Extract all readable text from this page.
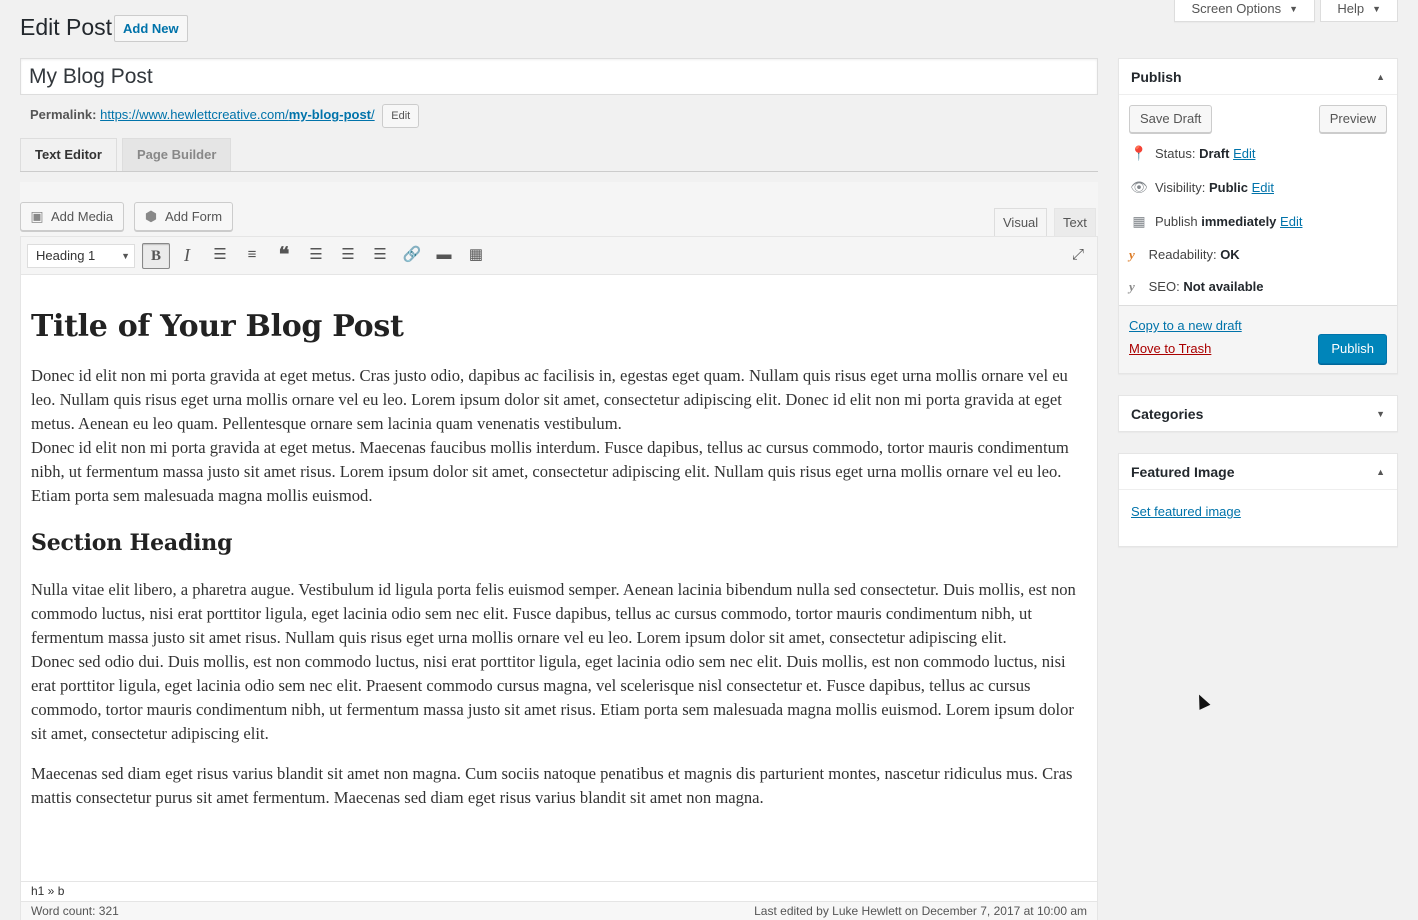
Screen Options ▼	Help ▼
Edit Post Add New
My Blog Post
Permalink: https://www.hewlettcreative.com/my-blog-post/ Edit
Text Editor	Page Builder
▣ Add Media	⬢ Add Form	Visual	Text
Heading 1	▼	B	I	☰	≡	❝	☰	☰	☰	🔗	▬	▦	⤢
Title of Your Blog Post

Donec id elit non mi porta gravida at eget metus. Cras justo odio, dapibus ac facilisis in, egestas eget quam. Nullam quis risus eget urna mollis ornare vel eu leo. Nullam quis risus eget urna mollis ornare vel eu leo. Lorem ipsum dolor sit amet, consectetur adipiscing elit. Donec id elit non mi porta gravida at eget metus. Aenean eu leo quam. Pellentesque ornare sem lacinia quam venenatis vestibulum.

Donec id elit non mi porta gravida at eget metus. Maecenas faucibus mollis interdum. Fusce dapibus, tellus ac cursus commodo, tortor mauris condimentum nibh, ut fermentum massa justo sit amet risus. Lorem ipsum dolor sit amet, consectetur adipiscing elit. Nullam quis risus eget urna mollis ornare vel eu leo. Etiam porta sem malesuada magna mollis euismod.

Section Heading

Nulla vitae elit libero, a pharetra augue. Vestibulum id ligula porta felis euismod semper. Aenean lacinia bibendum nulla sed consectetur. Duis mollis, est non commodo luctus, nisi erat porttitor ligula, eget lacinia odio sem nec elit. Fusce dapibus, tellus ac cursus commodo, tortor mauris condimentum nibh, ut fermentum massa justo sit amet risus. Nullam quis risus eget urna mollis ornare vel eu leo. Lorem ipsum dolor sit amet, consectetur adipiscing elit.

Donec sed odio dui. Duis mollis, est non commodo luctus, nisi erat porttitor ligula, eget lacinia odio sem nec elit. Duis mollis, est non commodo luctus, nisi erat porttitor ligula, eget lacinia odio sem nec elit. Praesent commodo cursus magna, vel scelerisque nisl consectetur et. Fusce dapibus, tellus ac cursus commodo, tortor mauris condimentum nibh, ut fermentum massa justo sit amet risus. Etiam porta sem malesuada magna mollis euismod. Lorem ipsum dolor sit amet, consectetur adipiscing elit.

Maecenas sed diam eget risus varius blandit sit amet non magna. Cum sociis natoque penatibus et magnis dis parturient montes, nascetur ridiculus mus. Cras mattis consectetur purus sit amet fermentum. Maecenas sed diam eget risus varius blandit sit amet non magna.

h1 » b
Word count: 321	Last edited by Luke Hewlett on December 7, 2017 at 10:00 am
Publish	▲
Save Draft	Preview
📍 Status: Draft Edit
👁 Visibility: Public Edit
▦ Publish immediately Edit
y Readability: OK
y SEO: Not available
Copy to a new draft
Move to Trash	Publish
Categories	▼
Featured Image	▲
Set featured image
